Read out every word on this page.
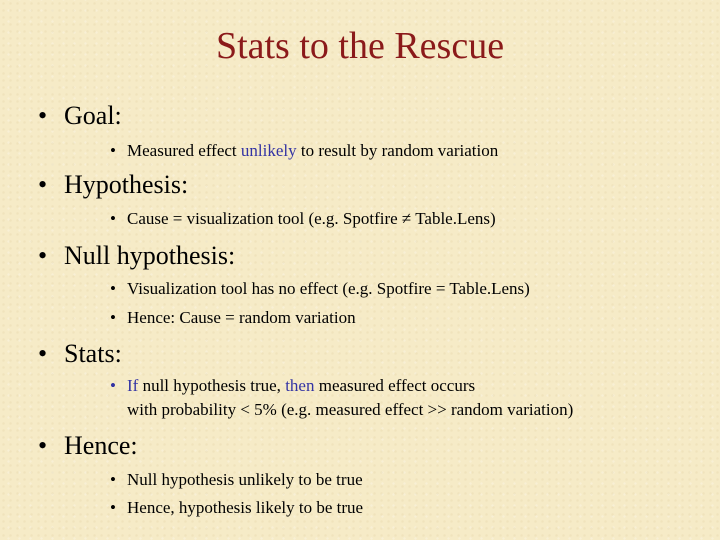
Stats to the Rescue
• Goal:
• Measured effect unlikely to result by random variation
• Hypothesis:
• Cause = visualization tool (e.g. Spotfire ≠ Table.Lens)
• Null hypothesis:
• Visualization tool has no effect (e.g. Spotfire = Table.Lens)
• Hence: Cause = random variation
• Stats:
• If null hypothesis true, then measured effect occurs
with probability < 5% (e.g. measured effect >> random variation)
• Hence:
• Null hypothesis unlikely to be true
• Hence, hypothesis likely to be true
